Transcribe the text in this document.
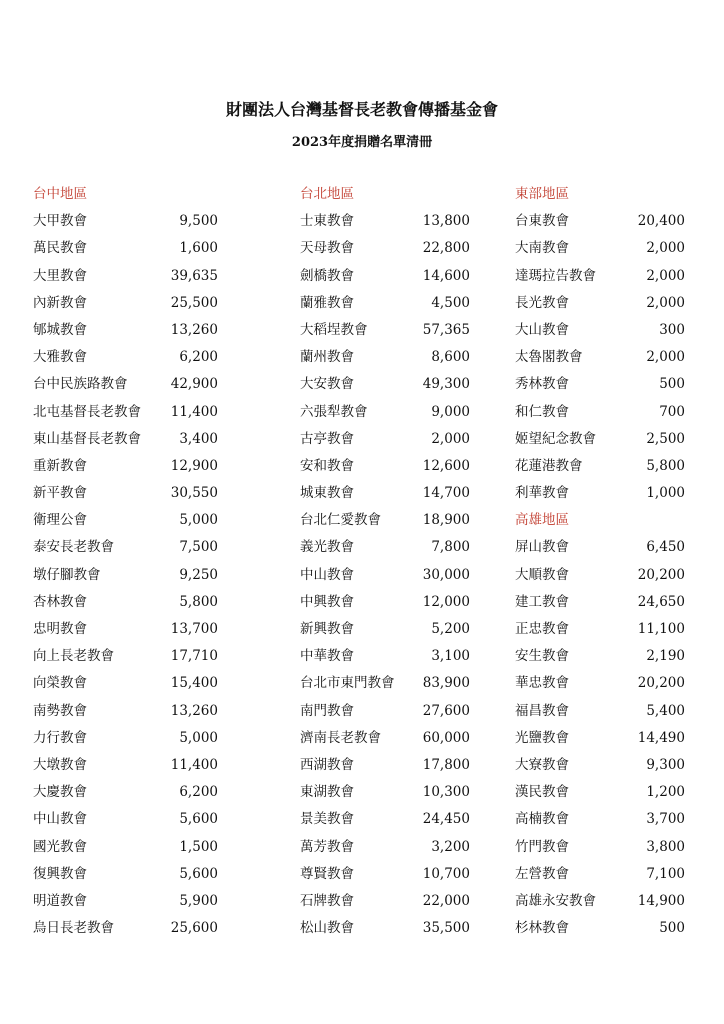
財團法人台灣基督長老教會傳播基金會
2023年度捐贈名單清冊
台中地區
大甲教會	9,500
萬民教會	1,600
大里教會	39,635
內新教會	25,500
郇城教會	13,260
大雅教會	6,200
台中民族路教會	42,900
北屯基督長老教會 11,400
東山基督長老教會	3,400
重新教會	12,900
新平教會	30,550
衛理公會	5,000
泰安長老教會	7,500
墩仔腳教會	9,250
杏林教會	5,800
忠明教會	13,700
向上長老教會	17,710
向榮教會	15,400
南勢教會	13,260
力行教會	5,000
大墩教會	11,400
大慶教會	6,200
中山教會	5,600
國光教會	1,500
復興教會	5,600
明道教會	5,900
烏日長老教會	25,600
台北地區
士東教會	13,800
天母教會	22,800
劍橋教會	14,600
蘭雅教會	4,500
大稻埕教會	57,365
蘭州教會	8,600
大安教會	49,300
六張犁教會	9,000
古亭教會	2,000
安和教會	12,600
城東教會	14,700
台北仁愛教會	18,900
義光教會	7,800
中山教會	30,000
中興教會	12,000
新興教會	5,200
中華教會	3,100
台北市東門教會 83,900
南門教會	27,600
濟南長老教會	60,000
西湖教會	17,800
東湖教會	10,300
景美教會	24,450
萬芳教會	3,200
尊賢教會	10,700
石牌教會	22,000
松山教會	35,500
東部地區
台東教會	20,400
大南教會	2,000
達瑪拉告教會	2,000
長光教會	2,000
大山教會	300
太魯閣教會	2,000
秀林教會	500
和仁教會	700
姬望紀念教會	2,500
花蓮港教會	5,800
利華教會	1,000
高雄地區
屏山教會	6,450
大順教會	20,200
建工教會	24,650
正忠教會	11,100
安生教會	2,190
華忠教會	20,200
福昌教會	5,400
光鹽教會	14,490
大寮教會	9,300
漢民教會	1,200
高楠教會	3,700
竹門教會	3,800
左營教會	7,100
高雄永安教會	14,900
杉林教會	500
